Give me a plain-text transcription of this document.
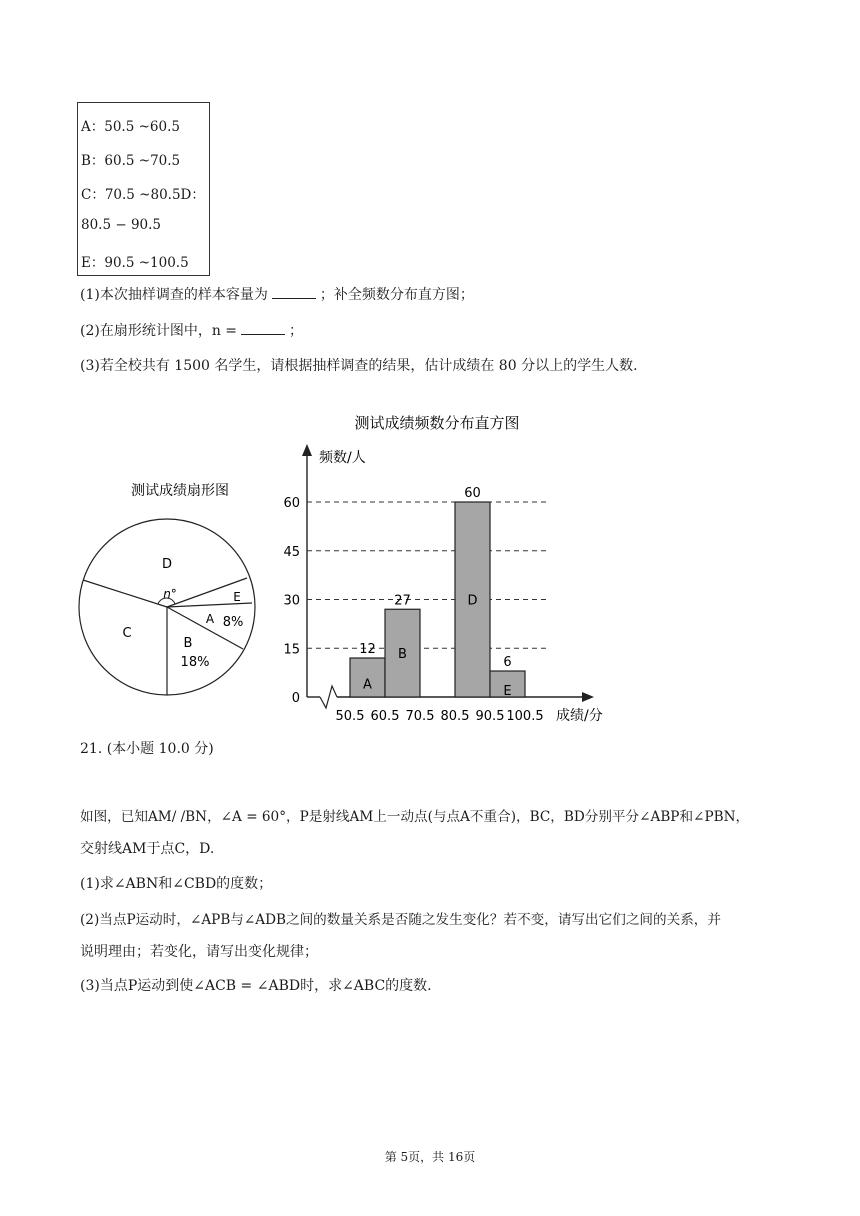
A：50.5 ~60.5
B：60.5 ~70.5
C：70.5 ~80.5D：
80.5 − 90.5
E：90.5 ~100.5
(1)本次抽样调查的样本容量为	；补全频数分布直方图；
(2)在扇形统计图中，n =	；
(3)若全校共有 1500 名学生，请根据抽样调查的结果，估计成绩在 80 分以上的学生人数.
测试成绩扇形图
D
C
B
18%
A 8%
E
n°
测试成绩频数分布直方图
频数/人
成绩/分
A
12 B
27	D
60
E
6
0
15
30
45
60
50.5 60.5 70.5 80.5 90.5 100.5
21. (本小题 10.0 分)
如图，已知AM/ /BN，∠A = 60°，P是射线AM上一动点(与点A不重合)，BC，BD分别平分∠ABP和∠PBN，
交射线AM于点C，D.
(1)求∠ABN和∠CBD的度数；
(2)当点P运动时，∠APB与∠ADB之间的数量关系是否随之发生变化？若不变，请写出它们之间的关系，并
说明理由；若变化，请写出变化规律；
(3)当点P运动到使∠ACB = ∠ABD时，求∠ABC的度数.
第 5页，共 16页
